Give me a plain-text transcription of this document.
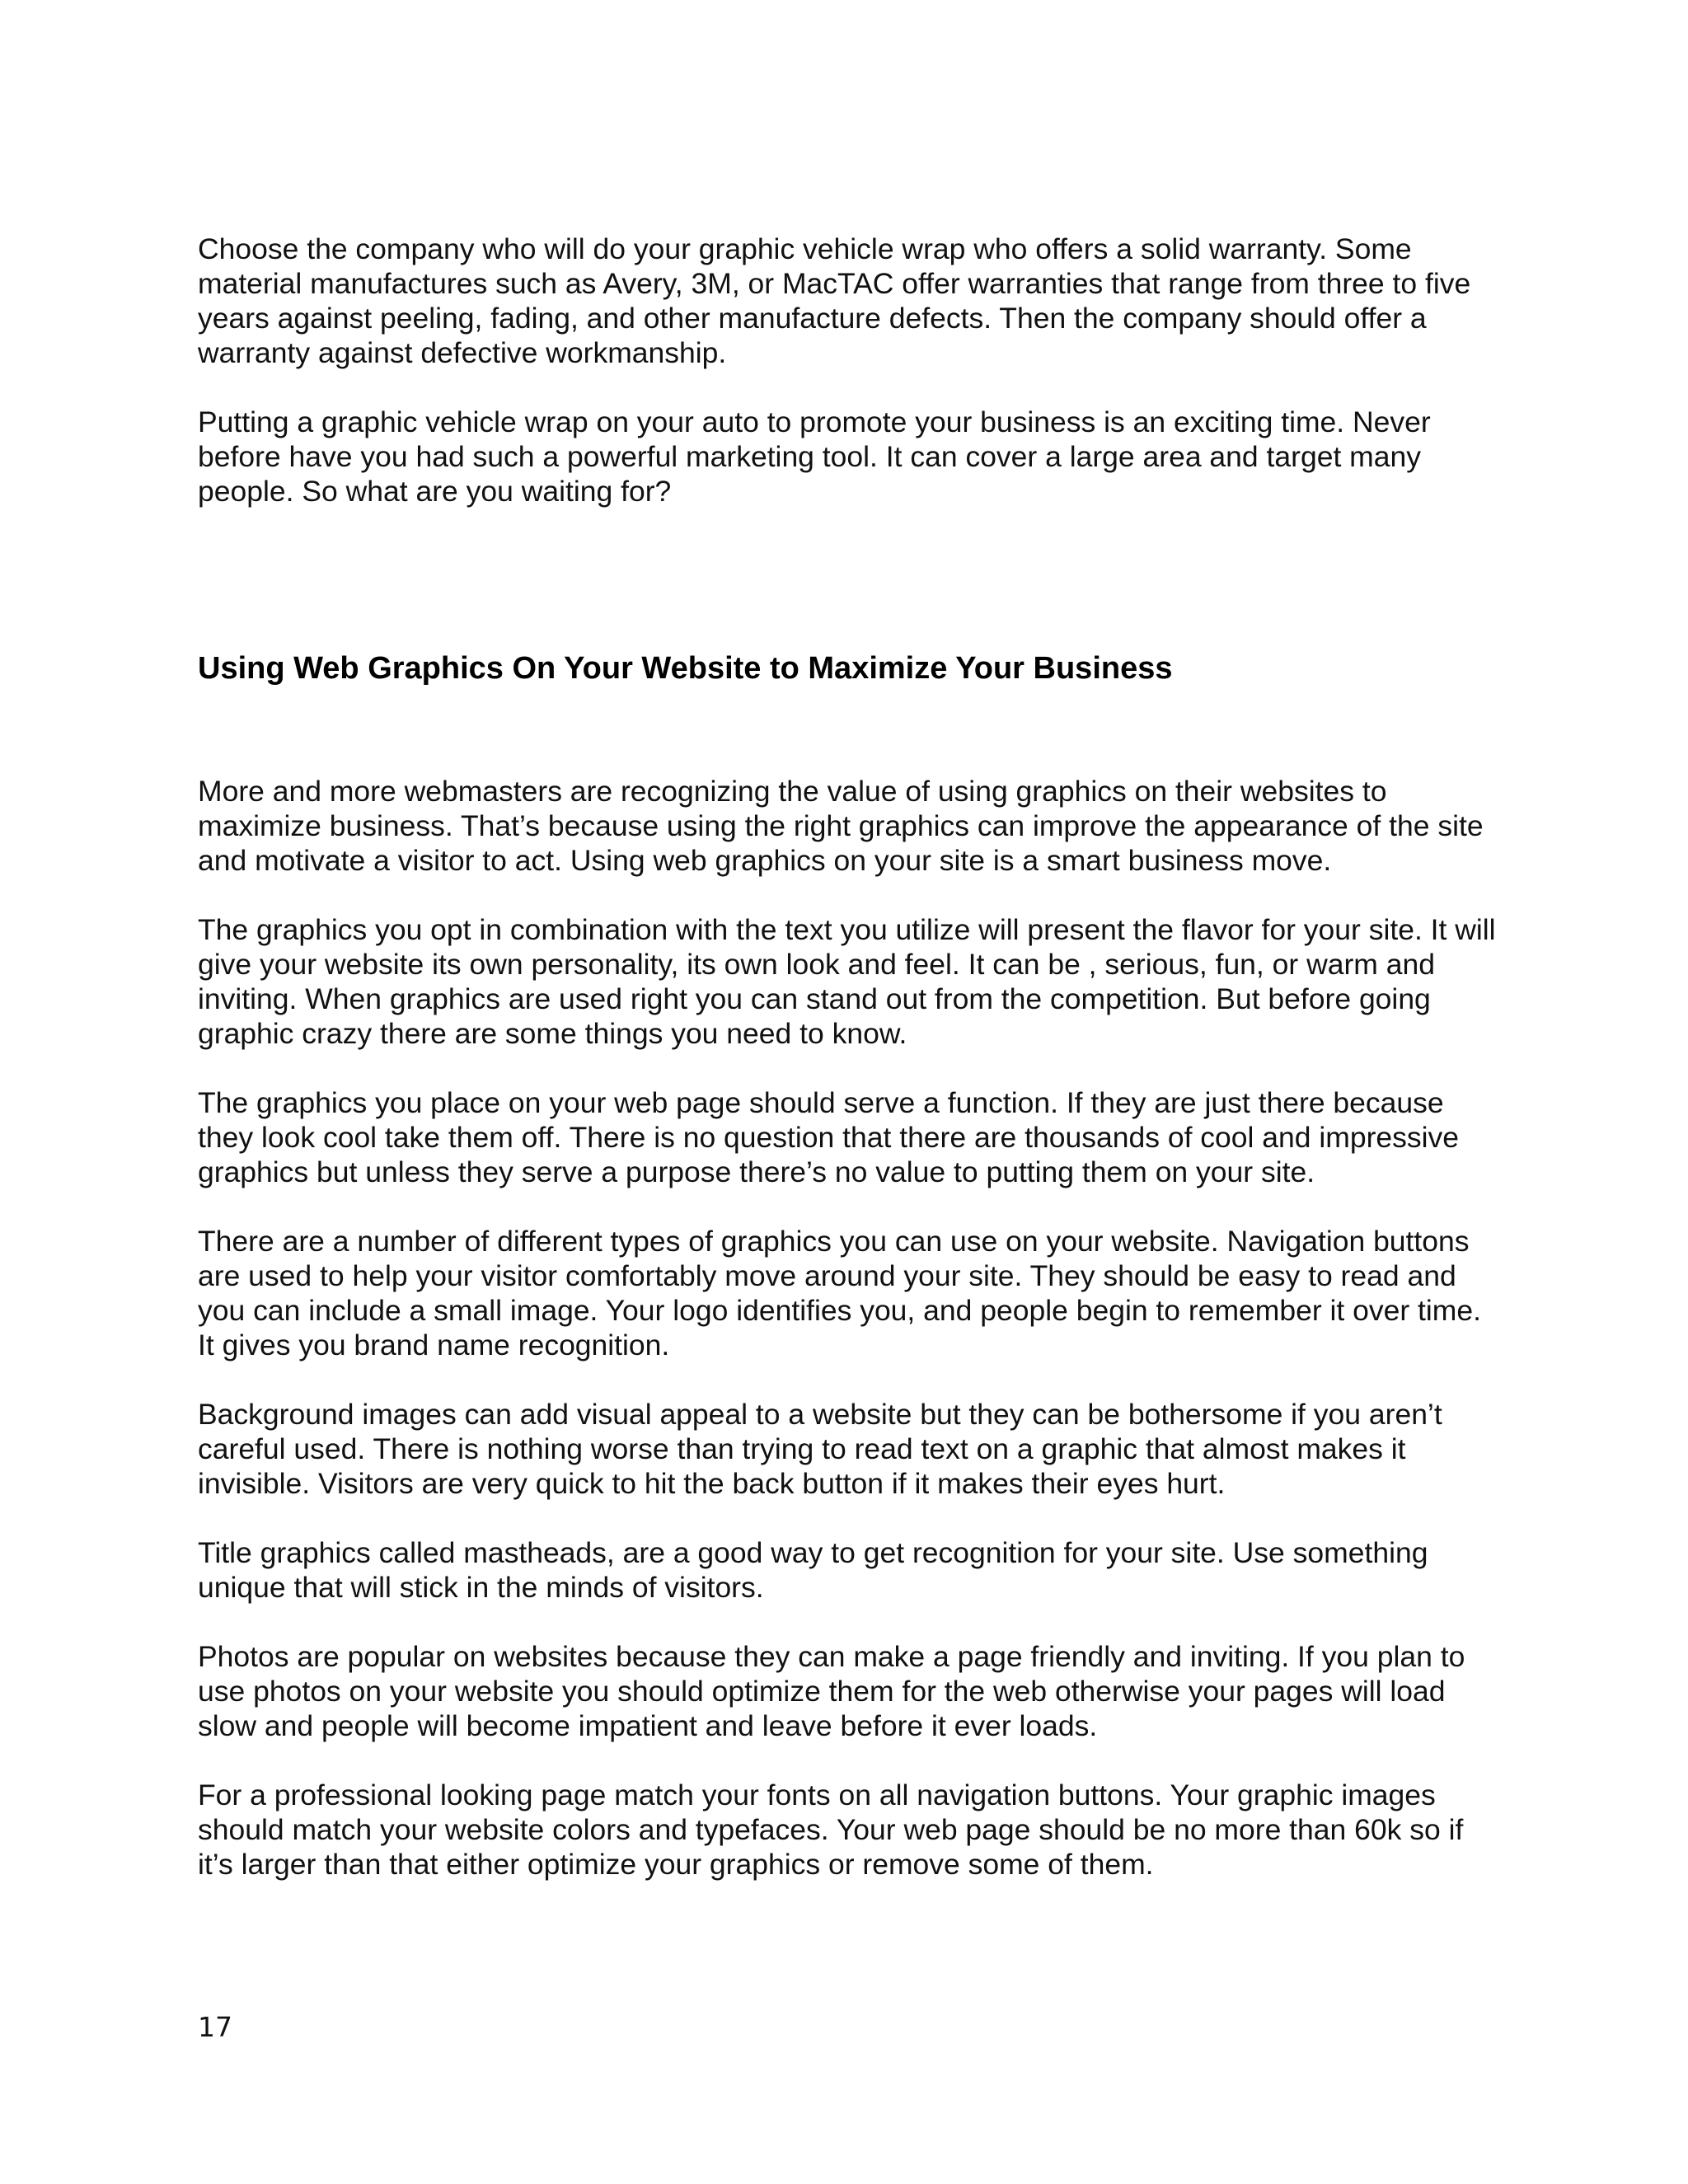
Choose the company who will do your graphic vehicle wrap who offers a solid warranty. Some material manufactures such as Avery, 3M, or MacTAC offer warranties that range from three to five years against peeling, fading, and other manufacture defects. Then the company should offer a warranty against defective workmanship.

Putting a graphic vehicle wrap on your auto to promote your business is an exciting time. Never before have you had such a powerful marketing tool. It can cover a large area and target many people. So what are you waiting for?

Using Web Graphics On Your Website to Maximize Your Business

More and more webmasters are recognizing the value of using graphics on their websites to maximize business. That’s because using the right graphics can improve the appearance of the site and motivate a visitor to act. Using web graphics on your site is a smart business move.

The graphics you opt in combination with the text you utilize will present the flavor for your site. It will give your website its own personality, its own look and feel. It can be , serious, fun, or warm and inviting. When graphics are used right you can stand out from the competition. But before going graphic crazy there are some things you need to know.

The graphics you place on your web page should serve a function. If they are just there because they look cool take them off. There is no question that there are thousands of cool and impressive graphics but unless they serve a purpose there’s no value to putting them on your site.

There are a number of different types of graphics you can use on your website. Navigation buttons are used to help your visitor comfortably move around your site. They should be easy to read and you can include a small image. Your logo identifies you, and people begin to remember it over time. It gives you brand name recognition.

Background images can add visual appeal to a website but they can be bothersome if you aren’t careful used. There is nothing worse than trying to read text on a graphic that almost makes it invisible. Visitors are very quick to hit the back button if it makes their eyes hurt.

Title graphics called mastheads, are a good way to get recognition for your site. Use something unique that will stick in the minds of visitors.

Photos are popular on websites because they can make a page friendly and inviting. If you plan to use photos on your website you should optimize them for the web otherwise your pages will load slow and people will become impatient and leave before it ever loads.

For a professional looking page match your fonts on all navigation buttons. Your graphic images should match your website colors and typefaces. Your web page should be no more than 60k so if it’s larger than that either optimize your graphics or remove some of them.

17
